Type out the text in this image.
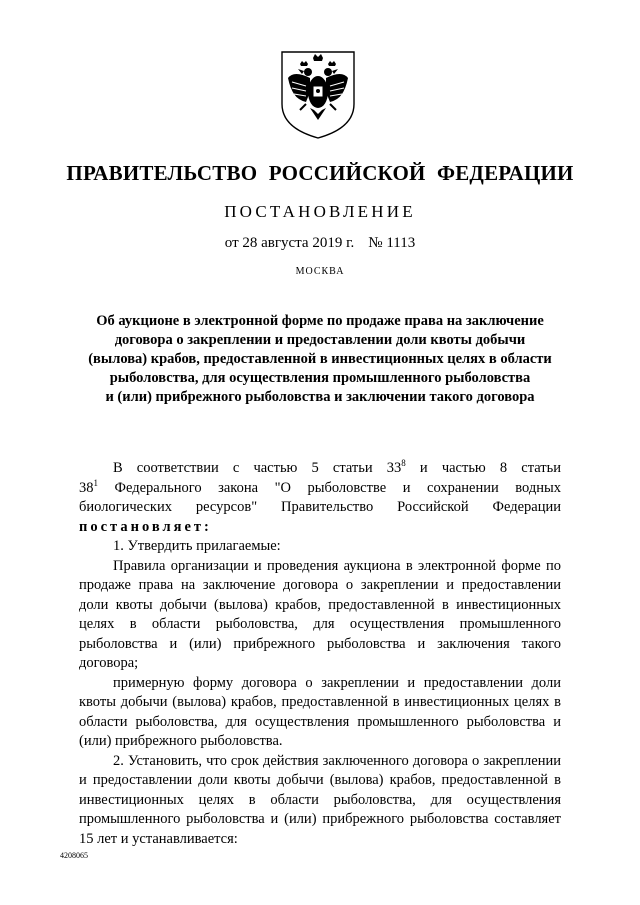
ПРАВИТЕЛЬСТВО РОССИЙСКОЙ ФЕДЕРАЦИИ
ПОСТАНОВЛЕНИЕ
от 28 августа 2019 г. № 1113
МОСКВА
Об аукционе в электронной форме по продаже права на заключение
договора о закреплении и предоставлении доли квоты добычи
(вылова) крабов, предоставленной в инвестиционных целях в области
рыболовства, для осуществления промышленного рыболовства
и (или) прибрежного рыболовства и заключении такого договора

В соответствии с частью 5 статьи $33^8$ и частью 8 статьи $38^1$ Федерального закона "О рыболовстве и сохранении водных биологических ресурсов" Правительство Российской Федерации постановляет:

1. Утвердить прилагаемые:

Правила организации и проведения аукциона в электронной форме по продаже права на заключение договора о закреплении и предоставлении доли квоты добычи (вылова) крабов, предоставленной в инвестиционных целях в области рыболовства, для осуществления промышленного рыболовства и (или) прибрежного рыболовства и заключения такого договора;

примерную форму договора о закреплении и предоставлении доли квоты добычи (вылова) крабов, предоставленной в инвестиционных целях в области рыболовства, для осуществления промышленного рыболовства и (или) прибрежного рыболовства.

2. Установить, что срок действия заключенного договора о закреплении и предоставлении доли квоты добычи (вылова) крабов, предоставленной в инвестиционных целях в области рыболовства, для осуществления промышленного рыболовства и (или) прибрежного рыболовства составляет 15 лет и устанавливается:

4208065
